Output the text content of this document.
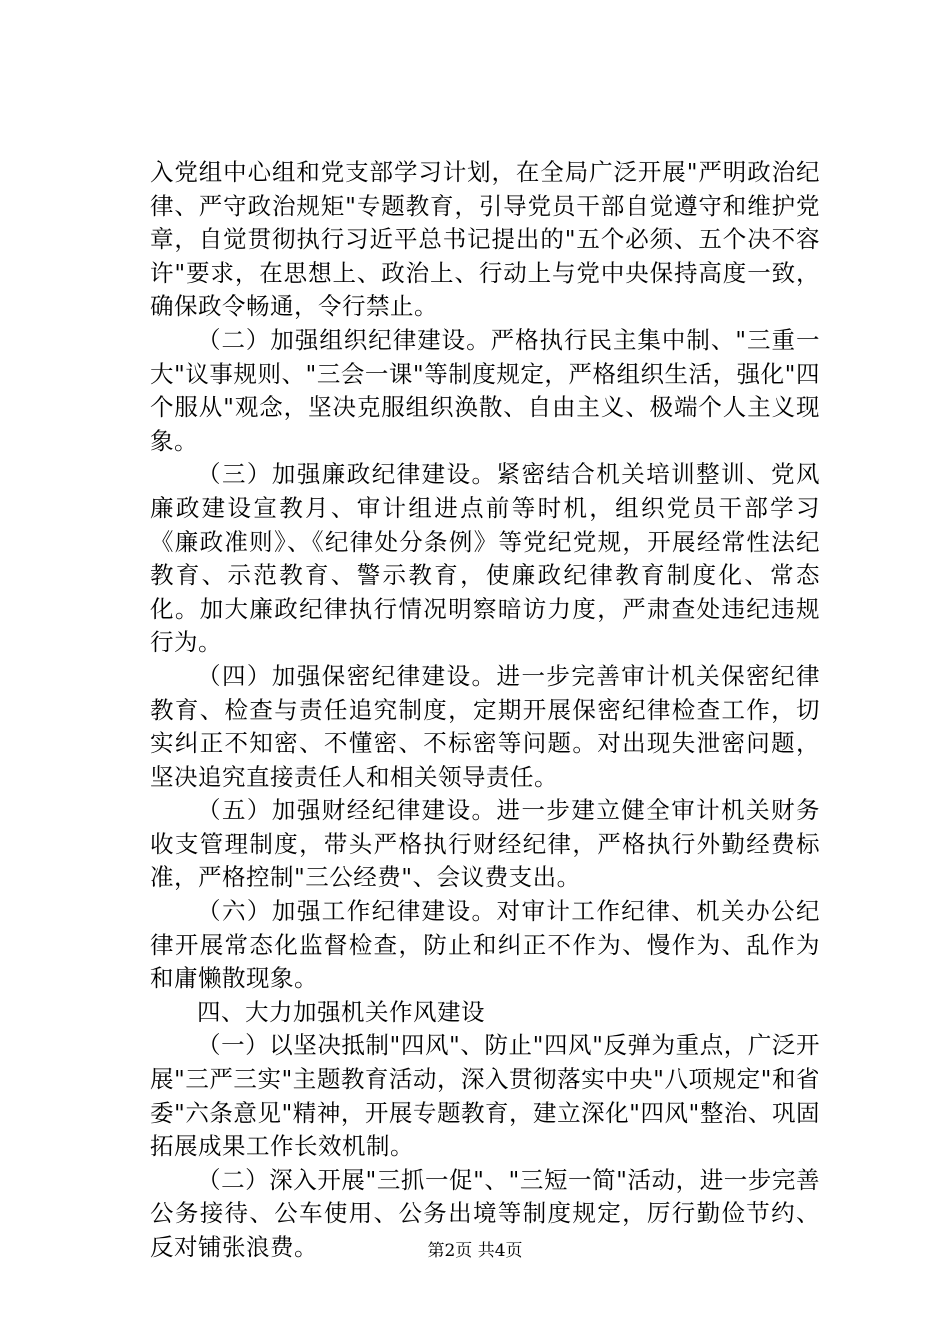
入党组中心组和党支部学习计划，在全局广泛开展"严明政治纪律、严守政治规矩"专题教育，引导党员干部自觉遵守和维护党章，自觉贯彻执行习近平总书记提出的"五个必须、五个决不容许"要求，在思想上、政治上、行动上与党中央保持高度一致，确保政令畅通，令行禁止。

（二）加强组织纪律建设。严格执行民主集中制、"三重一大"议事规则、"三会一课"等制度规定，严格组织生活，强化"四个服从"观念，坚决克服组织涣散、自由主义、极端个人主义现象。

（三）加强廉政纪律建设。紧密结合机关培训整训、党风廉政建设宣教月、审计组进点前等时机，组织党员干部学习《廉政准则》、《纪律处分条例》等党纪党规，开展经常性法纪教育、示范教育、警示教育，使廉政纪律教育制度化、常态化。加大廉政纪律执行情况明察暗访力度，严肃查处违纪违规行为。

（四）加强保密纪律建设。进一步完善审计机关保密纪律教育、检查与责任追究制度，定期开展保密纪律检查工作，切实纠正不知密、不懂密、不标密等问题。对出现失泄密问题，坚决追究直接责任人和相关领导责任。

（五）加强财经纪律建设。进一步建立健全审计机关财务收支管理制度，带头严格执行财经纪律，严格执行外勤经费标准，严格控制"三公经费"、会议费支出。

（六）加强工作纪律建设。对审计工作纪律、机关办公纪律开展常态化监督检查，防止和纠正不作为、慢作为、乱作为和庸懒散现象。

四、大力加强机关作风建设

（一）以坚决抵制"四风"、防止"四风"反弹为重点，广泛开展"三严三实"主题教育活动，深入贯彻落实中央"八项规定"和省委"六条意见"精神，开展专题教育，建立深化"四风"整治、巩固拓展成果工作长效机制。

（二）深入开展"三抓一促"、"三短一简"活动，进一步完善公务接待、公车使用、公务出境等制度规定，厉行勤俭节约、反对铺张浪费。	第2页 共4页
